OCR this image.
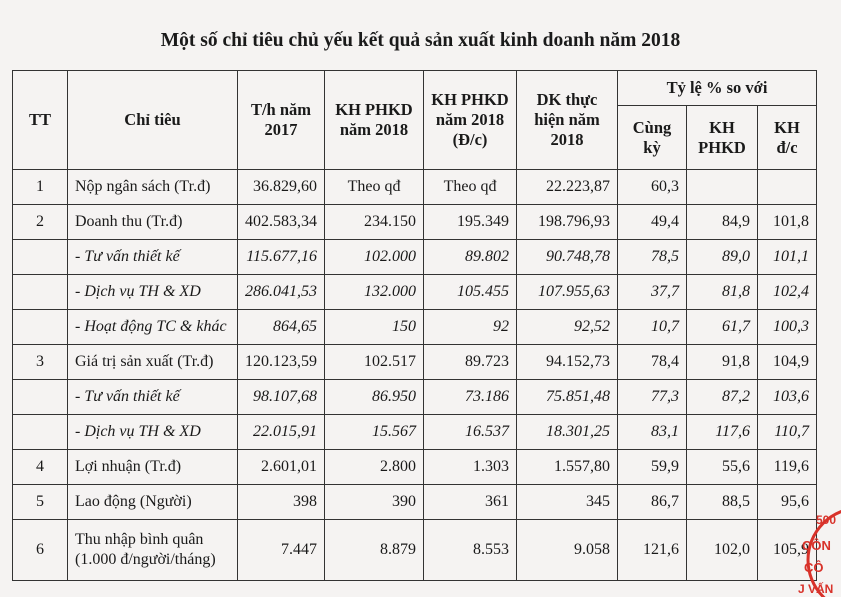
Một số chỉ tiêu chủ yếu kết quả sản xuất kinh doanh năm 2018
TT	Chỉ tiêu	T/h năm 2017	KH PHKD năm 2018	KH PHKD năm 2018 (Đ/c)	DK thực hiện năm 2018	Tỷ lệ % so với		
						Cùng kỳ	KH PHKD	KH đ/c
1	Nộp ngân sách (Tr.đ)	36.829,60	Theo qđ	Theo qđ	22.223,87	60,3		
2	Doanh thu (Tr.đ)	402.583,34	234.150	195.349	198.796,93	49,4	84,9	101,8
	- Tư vấn thiết kế	115.677,16	102.000	89.802	90.748,78	78,5	89,0	101,1
	- Dịch vụ TH & XD	286.041,53	132.000	105.455	107.955,63	37,7	81,8	102,4
	- Hoạt động TC & khác	864,65	150	92	92,52	10,7	61,7	100,3
3	Giá trị sản xuất (Tr.đ)	120.123,59	102.517	89.723	94.152,73	78,4	91,8	104,9
	- Tư vấn thiết kế	98.107,68	86.950	73.186	75.851,48	77,3	87,2	103,6
	- Dịch vụ TH & XD	22.015,91	15.567	16.537	18.301,25	83,1	117,6	110,7
4	Lợi nhuận (Tr.đ)	2.601,01	2.800	1.303	1.557,80	59,9	55,6	119,6
5	Lao động (Người)	398	390	361	345	86,7	88,5	95,6
6	Thu nhập bình quân (1.000 đ/người/tháng)	7.447	8.879	8.553	9.058	121,6	102,0	105,9
500
CÔN
CÔ
J VẤN
